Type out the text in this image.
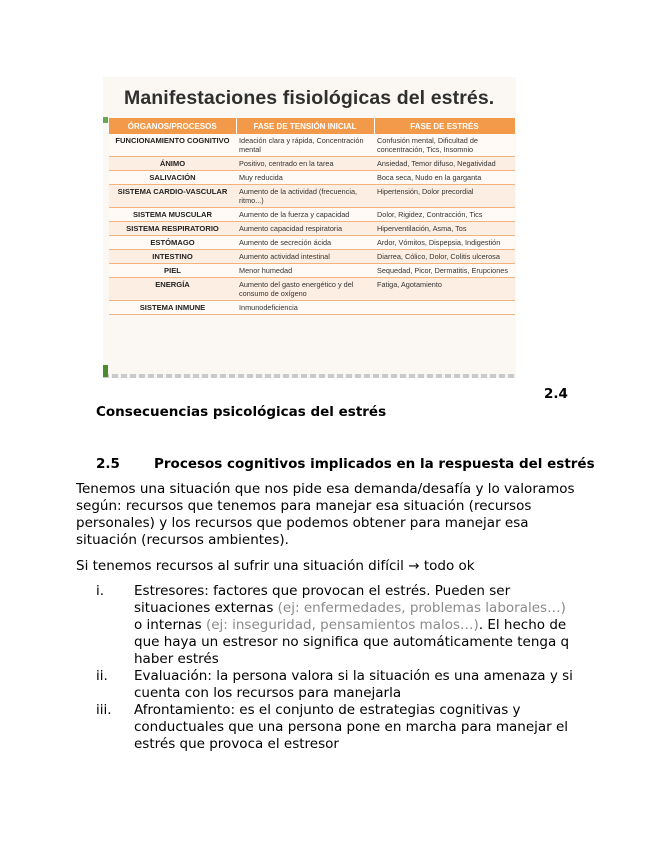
Manifestaciones fisiológicas del estrés.
ÓRGANOS/PROCESOS	FASE DE TENSIÓN INICIAL	FASE DE ESTRÉS
FUNCIONAMIENTO COGNITIVO	Ideación clara y rápida, Concentración mental	Confusión mental, Dificultad de concentración, Tics, Insomnio
ÁNIMO	Positivo, centrado en la tarea	Ansiedad, Temor difuso, Negatividad
SALIVACIÓN	Muy reducida	Boca seca, Nudo en la garganta
SISTEMA CARDIO-VASCULAR	Aumento de la actividad (frecuencia, ritmo...)	Hipertensión, Dolor precordial
SISTEMA MUSCULAR	Aumento de la fuerza y capacidad	Dolor, Rigidez, Contracción, Tics
SISTEMA RESPIRATORIO	Aumento capacidad respiratoria	Hiperventilación, Asma, Tos
ESTÓMAGO	Aumento de secreción ácida	Ardor, Vómitos, Dispepsia, Indigestión
INTESTINO	Aumento actividad intestinal	Diarrea, Cólico, Dolor, Colitis ulcerosa
PIEL	Menor humedad	Sequedad, Picor, Dermatitis, Erupciones
ENERGÍA	Aumento del gasto energético y del consumo de oxígeno	Fatiga, Agotamiento
SISTEMA INMUNE	Inmunodeficiencia	
2.4
Consecuencias psicológicas del estrés
2.5	Procesos cognitivos implicados en la respuesta del estrés
Tenemos una situación que nos pide esa demanda/desafía y lo valoramos según: recursos que tenemos para manejar esa situación (recursos personales) y los recursos que podemos obtener para manejar esa situación (recursos ambientes).
Si tenemos recursos al sufrir una situación difícil → todo ok
i. Estresores: factores que provocan el estrés. Pueden ser situaciones externas (ej: enfermedades, problemas laborales…) o internas (ej: inseguridad, pensamientos malos…). El hecho de que haya un estresor no significa que automáticamente tenga q haber estrés
ii. Evaluación: la persona valora si la situación es una amenaza y si cuenta con los recursos para manejarla
iii. Afrontamiento: es el conjunto de estrategias cognitivas y conductuales que una persona pone en marcha para manejar el estrés que provoca el estresor
